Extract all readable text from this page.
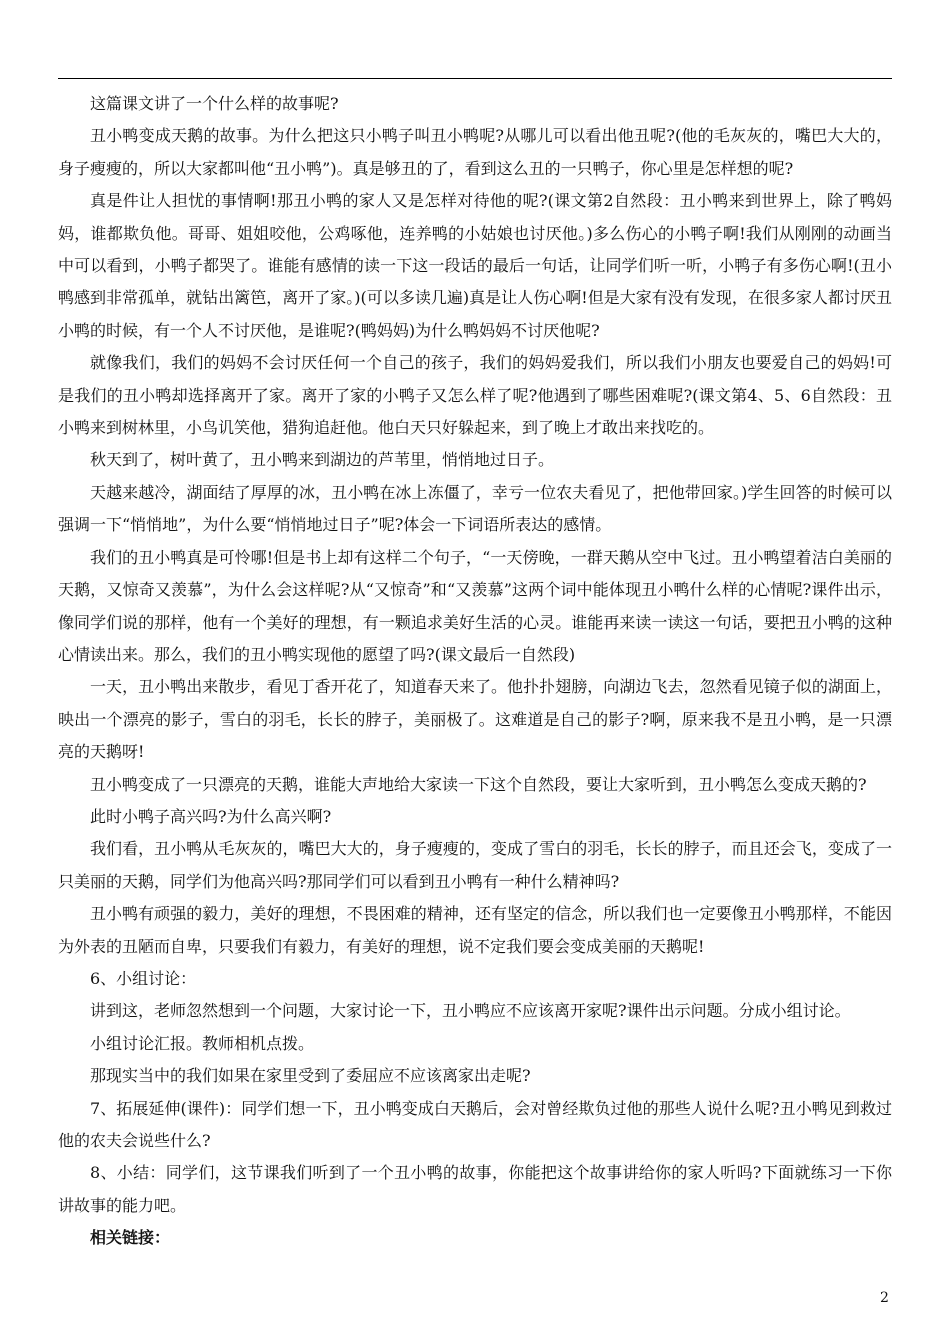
这篇课文讲了一个什么样的故事呢?

丑小鸭变成天鹅的故事。为什么把这只小鸭子叫丑小鸭呢?从哪儿可以看出他丑呢?(他的毛灰灰的，嘴巴大大的，身子瘦瘦的，所以大家都叫他“丑小鸭”)。真是够丑的了，看到这么丑的一只鸭子，你心里是怎样想的呢?

真是件让人担忧的事情啊!那丑小鸭的家人又是怎样对待他的呢?(课文第2自然段：丑小鸭来到世界上，除了鸭妈妈，谁都欺负他。哥哥、姐姐咬他，公鸡啄他，连养鸭的小姑娘也讨厌他。)多么伤心的小鸭子啊!我们从刚刚的动画当中可以看到，小鸭子都哭了。谁能有感情的读一下这一段话的最后一句话，让同学们听一听，小鸭子有多伤心啊!(丑小鸭感到非常孤单，就钻出篱笆，离开了家。)(可以多读几遍)真是让人伤心啊!但是大家有没有发现，在很多家人都讨厌丑小鸭的时候，有一个人不讨厌他，是谁呢?(鸭妈妈)为什么鸭妈妈不讨厌他呢?

就像我们，我们的妈妈不会讨厌任何一个自己的孩子，我们的妈妈爱我们，所以我们小朋友也要爱自己的妈妈!可是我们的丑小鸭却选择离开了家。离开了家的小鸭子又怎么样了呢?他遇到了哪些困难呢?(课文第4、5、6自然段：丑小鸭来到树林里，小鸟讥笑他，猎狗追赶他。他白天只好躲起来，到了晚上才敢出来找吃的。

秋天到了，树叶黄了，丑小鸭来到湖边的芦苇里，悄悄地过日子。

天越来越冷，湖面结了厚厚的冰，丑小鸭在冰上冻僵了，幸亏一位农夫看见了，把他带回家。)学生回答的时候可以强调一下“悄悄地”，为什么要“悄悄地过日子”呢?体会一下词语所表达的感情。

我们的丑小鸭真是可怜哪!但是书上却有这样二个句子，“一天傍晚，一群天鹅从空中飞过。丑小鸭望着洁白美丽的天鹅，又惊奇又羡慕”，为什么会这样呢?从“又惊奇”和“又羡慕”这两个词中能体现丑小鸭什么样的心情呢?课件出示，像同学们说的那样，他有一个美好的理想，有一颗追求美好生活的心灵。谁能再来读一读这一句话，要把丑小鸭的这种心情读出来。那么，我们的丑小鸭实现他的愿望了吗?(课文最后一自然段)

一天，丑小鸭出来散步，看见丁香开花了，知道春天来了。他扑扑翅膀，向湖边飞去，忽然看见镜子似的湖面上，映出一个漂亮的影子，雪白的羽毛，长长的脖子，美丽极了。这难道是自己的影子?啊，原来我不是丑小鸭，是一只漂亮的天鹅呀!

丑小鸭变成了一只漂亮的天鹅，谁能大声地给大家读一下这个自然段，要让大家听到，丑小鸭怎么变成天鹅的?

此时小鸭子高兴吗?为什么高兴啊?

我们看，丑小鸭从毛灰灰的，嘴巴大大的，身子瘦瘦的，变成了雪白的羽毛，长长的脖子，而且还会飞，变成了一只美丽的天鹅，同学们为他高兴吗?那同学们可以看到丑小鸭有一种什么精神吗?

丑小鸭有顽强的毅力，美好的理想，不畏困难的精神，还有坚定的信念，所以我们也一定要像丑小鸭那样，不能因为外表的丑陋而自卑，只要我们有毅力，有美好的理想，说不定我们要会变成美丽的天鹅呢!

6、小组讨论：

讲到这，老师忽然想到一个问题，大家讨论一下，丑小鸭应不应该离开家呢?课件出示问题。分成小组讨论。

小组讨论汇报。教师相机点拨。

那现实当中的我们如果在家里受到了委屈应不应该离家出走呢?

7、拓展延伸(课件)：同学们想一下，丑小鸭变成白天鹅后，会对曾经欺负过他的那些人说什么呢?丑小鸭见到救过他的农夫会说些什么?

8、小结：同学们，这节课我们听到了一个丑小鸭的故事，你能把这个故事讲给你的家人听吗?下面就练习一下你讲故事的能力吧。

相关链接：

2
